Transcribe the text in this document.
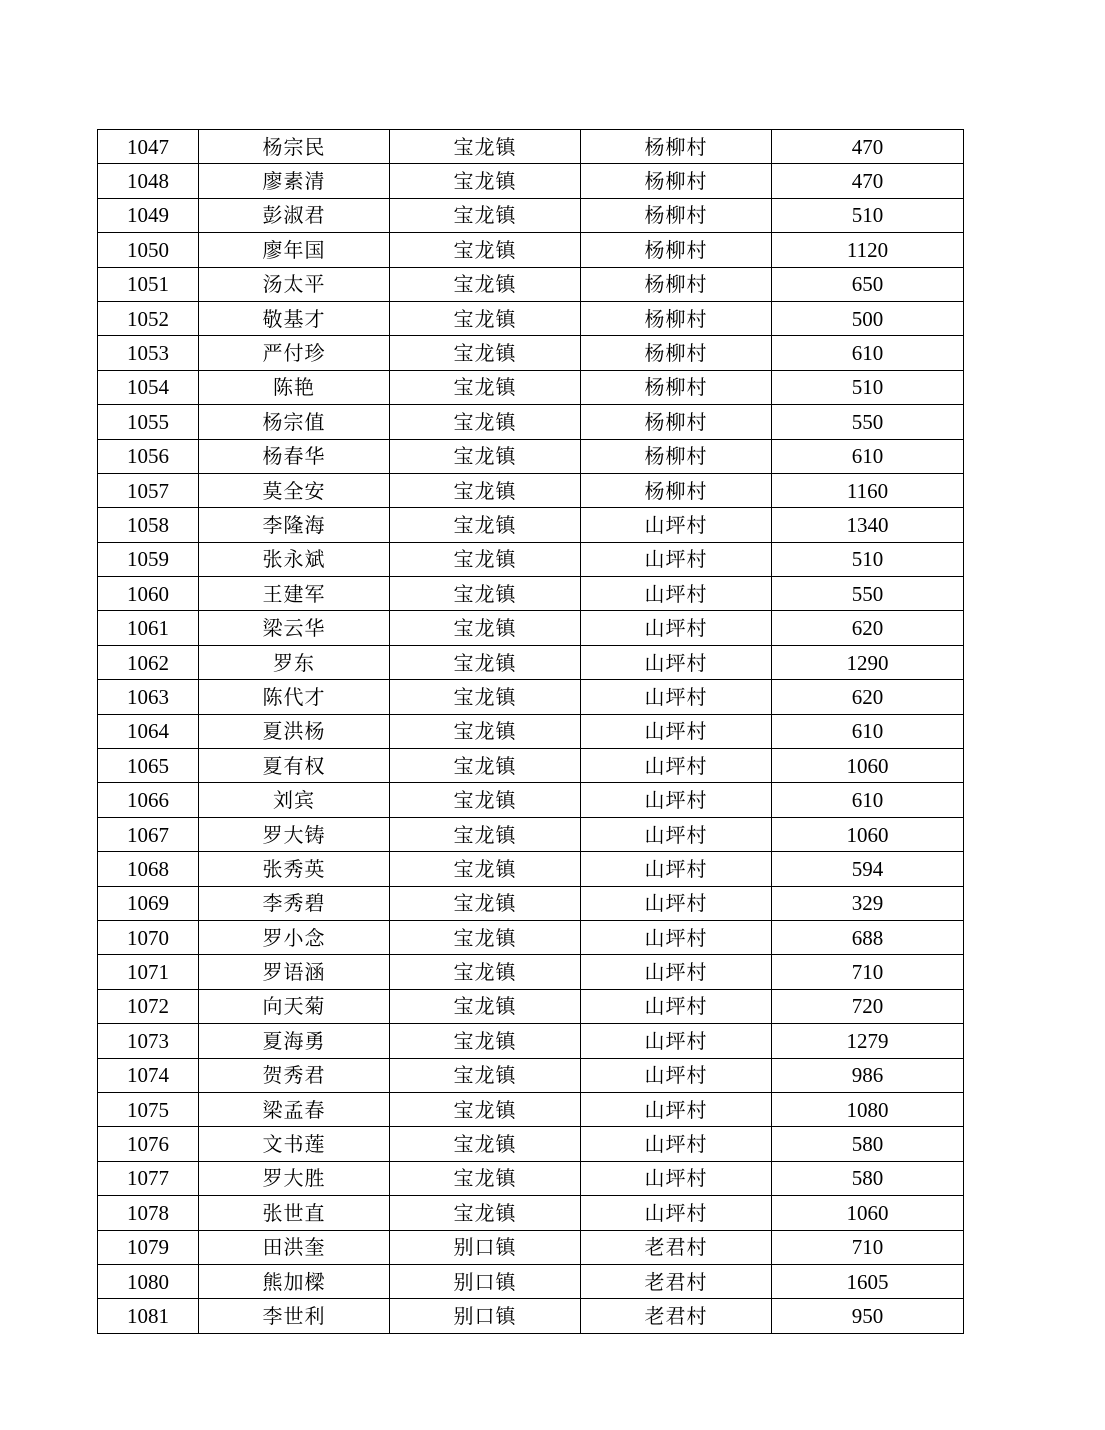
1047	杨宗民	宝龙镇	杨柳村	470
1048	廖素清	宝龙镇	杨柳村	470
1049	彭淑君	宝龙镇	杨柳村	510
1050	廖年国	宝龙镇	杨柳村	1120
1051	汤太平	宝龙镇	杨柳村	650
1052	敬基才	宝龙镇	杨柳村	500
1053	严付珍	宝龙镇	杨柳村	610
1054	陈艳	宝龙镇	杨柳村	510
1055	杨宗值	宝龙镇	杨柳村	550
1056	杨春华	宝龙镇	杨柳村	610
1057	莫全安	宝龙镇	杨柳村	1160
1058	李隆海	宝龙镇	山坪村	1340
1059	张永斌	宝龙镇	山坪村	510
1060	王建军	宝龙镇	山坪村	550
1061	梁云华	宝龙镇	山坪村	620
1062	罗东	宝龙镇	山坪村	1290
1063	陈代才	宝龙镇	山坪村	620
1064	夏洪杨	宝龙镇	山坪村	610
1065	夏有权	宝龙镇	山坪村	1060
1066	刘宾	宝龙镇	山坪村	610
1067	罗大铸	宝龙镇	山坪村	1060
1068	张秀英	宝龙镇	山坪村	594
1069	李秀碧	宝龙镇	山坪村	329
1070	罗小念	宝龙镇	山坪村	688
1071	罗语涵	宝龙镇	山坪村	710
1072	向天菊	宝龙镇	山坪村	720
1073	夏海勇	宝龙镇	山坪村	1279
1074	贺秀君	宝龙镇	山坪村	986
1075	梁孟春	宝龙镇	山坪村	1080
1076	文书莲	宝龙镇	山坪村	580
1077	罗大胜	宝龙镇	山坪村	580
1078	张世直	宝龙镇	山坪村	1060
1079	田洪奎	别口镇	老君村	710
1080	熊加樑	别口镇	老君村	1605
1081	李世利	别口镇	老君村	950
